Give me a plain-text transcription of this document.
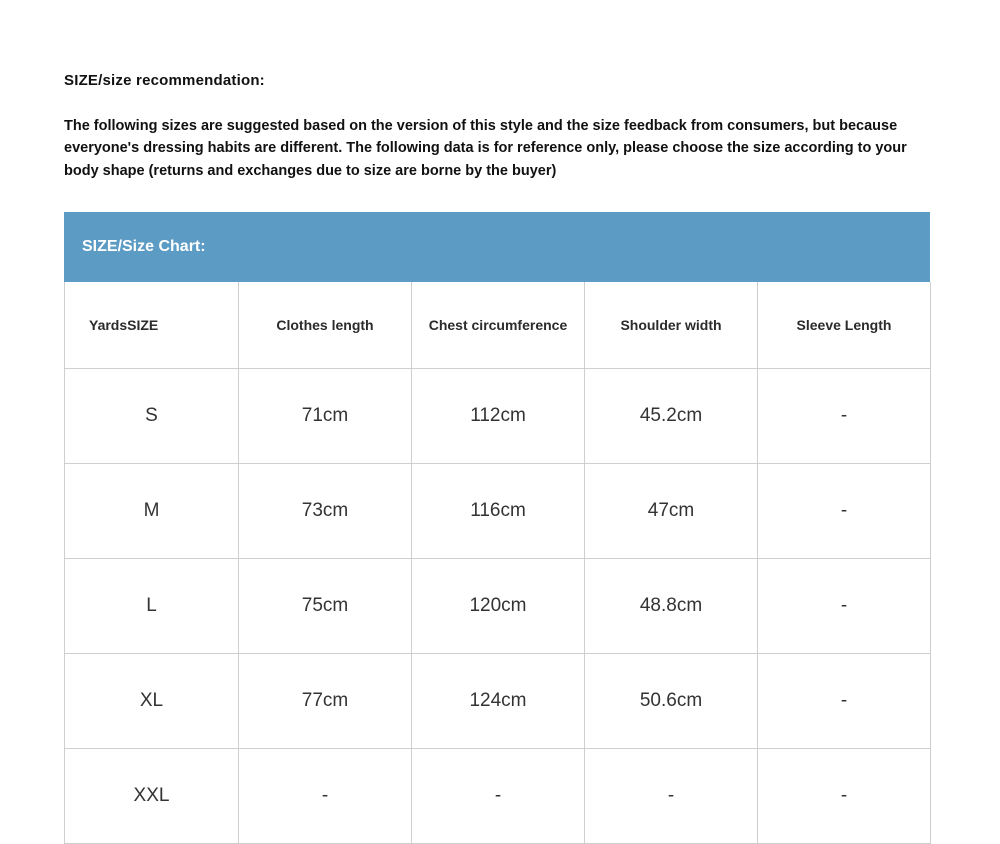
SIZE/size recommendation:

The following sizes are suggested based on the version of this style and the size feedback from consumers, but because everyone's dressing habits are different. The following data is for reference only, please choose the size according to your body shape (returns and exchanges due to size are borne by the buyer)

SIZE/Size Chart:
YardsSIZE	Clothes length	Chest circumference	Shoulder width	Sleeve Length
S	71cm	112cm	45.2cm	-
M	73cm	116cm	47cm	-
L	75cm	120cm	48.8cm	-
XL	77cm	124cm	50.6cm	-
XXL	-	-	-	-
